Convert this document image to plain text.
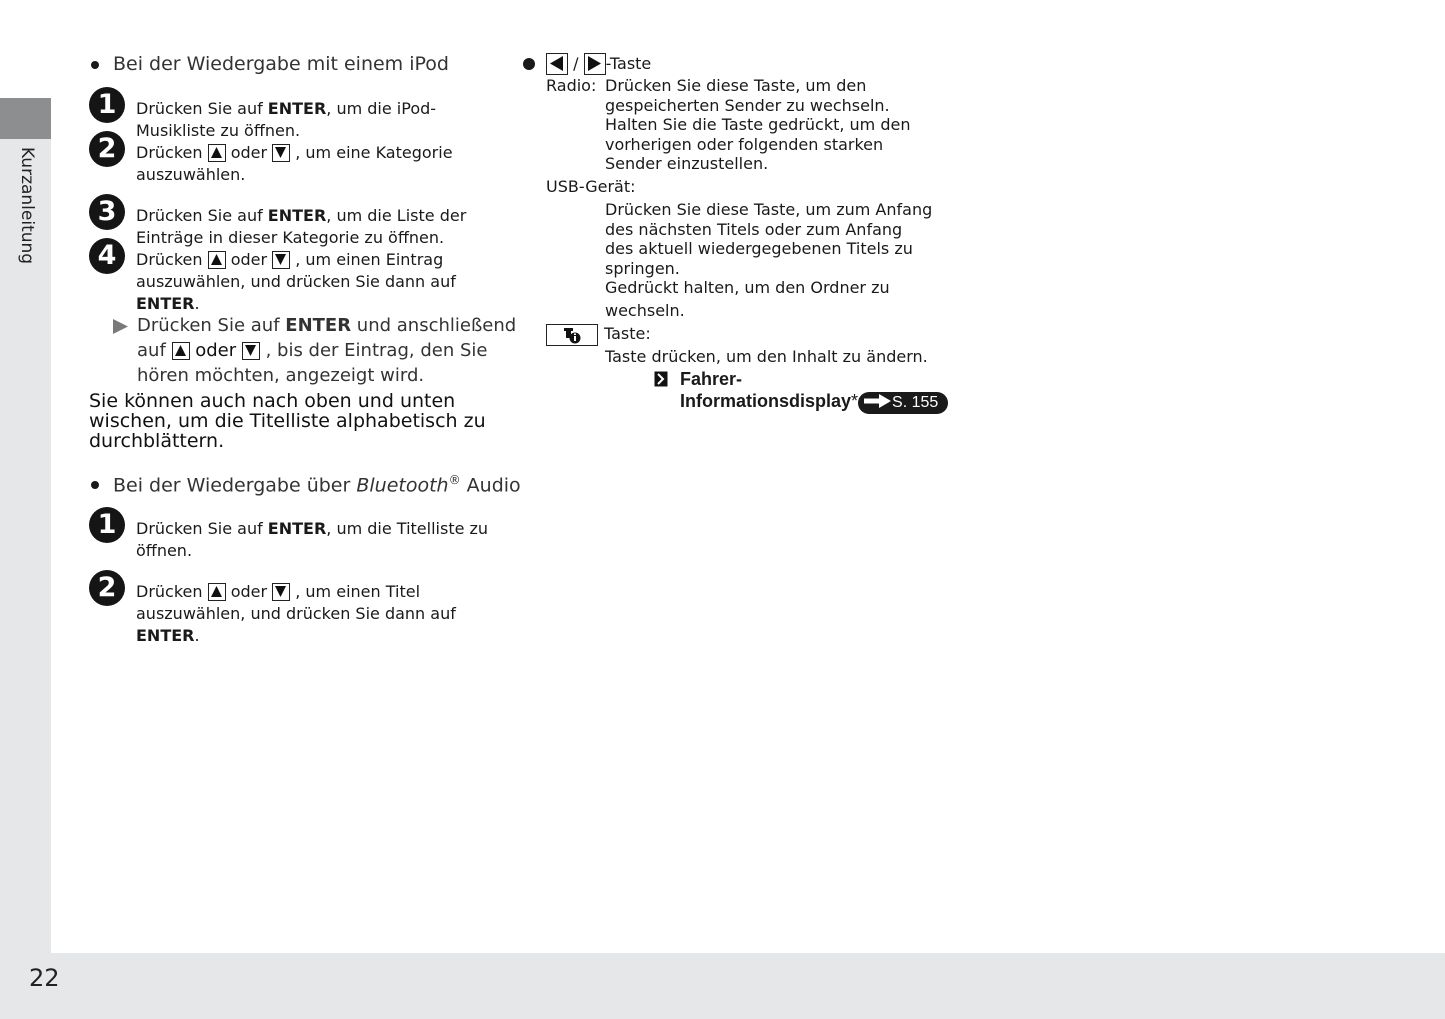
Kurzanleitung
22
Bei der Wiedergabe mit einem iPod
1	Drücken Sie auf ENTER, um die iPod-
Musikliste zu öffnen.
2	Drücken
oder
, um eine Kategorie
auszuwählen.
3	Drücken Sie auf ENTER, um die Liste der
Einträge in dieser Kategorie zu öffnen.
4	Drücken
oder
, um einen Eintrag
auszuwählen, und drücken Sie dann auf
ENTER.
Drücken Sie auf ENTER und anschließend
auf
oder
, bis der Eintrag, den Sie
hören möchten, angezeigt wird.
Sie können auch nach oben und unten
wischen, um die Titelliste alphabetisch zu
durchblättern.
Bei der Wiedergabe über Bluetooth® Audio
1	Drücken Sie auf ENTER, um die Titelliste zu
öffnen.
2	Drücken
oder
, um einen Titel
auszuwählen, und drücken Sie dann auf
ENTER.
/ -Taste
Radio: Drücken Sie diese Taste, um den
gespeicherten Sender zu wechseln.
Halten Sie die Taste gedrückt, um den
vorherigen oder folgenden starken
Sender einzustellen.
USB-Gerät:
Drücken Sie diese Taste, um zum Anfang
des nächsten Titels oder zum Anfang
des aktuell wiedergegebenen Titels zu
springen.
Gedrückt halten, um den Ordner zu
wechseln.
Taste:
Taste drücken, um den Inhalt zu ändern.
Fahrer-
Informationsdisplay* S. 155
